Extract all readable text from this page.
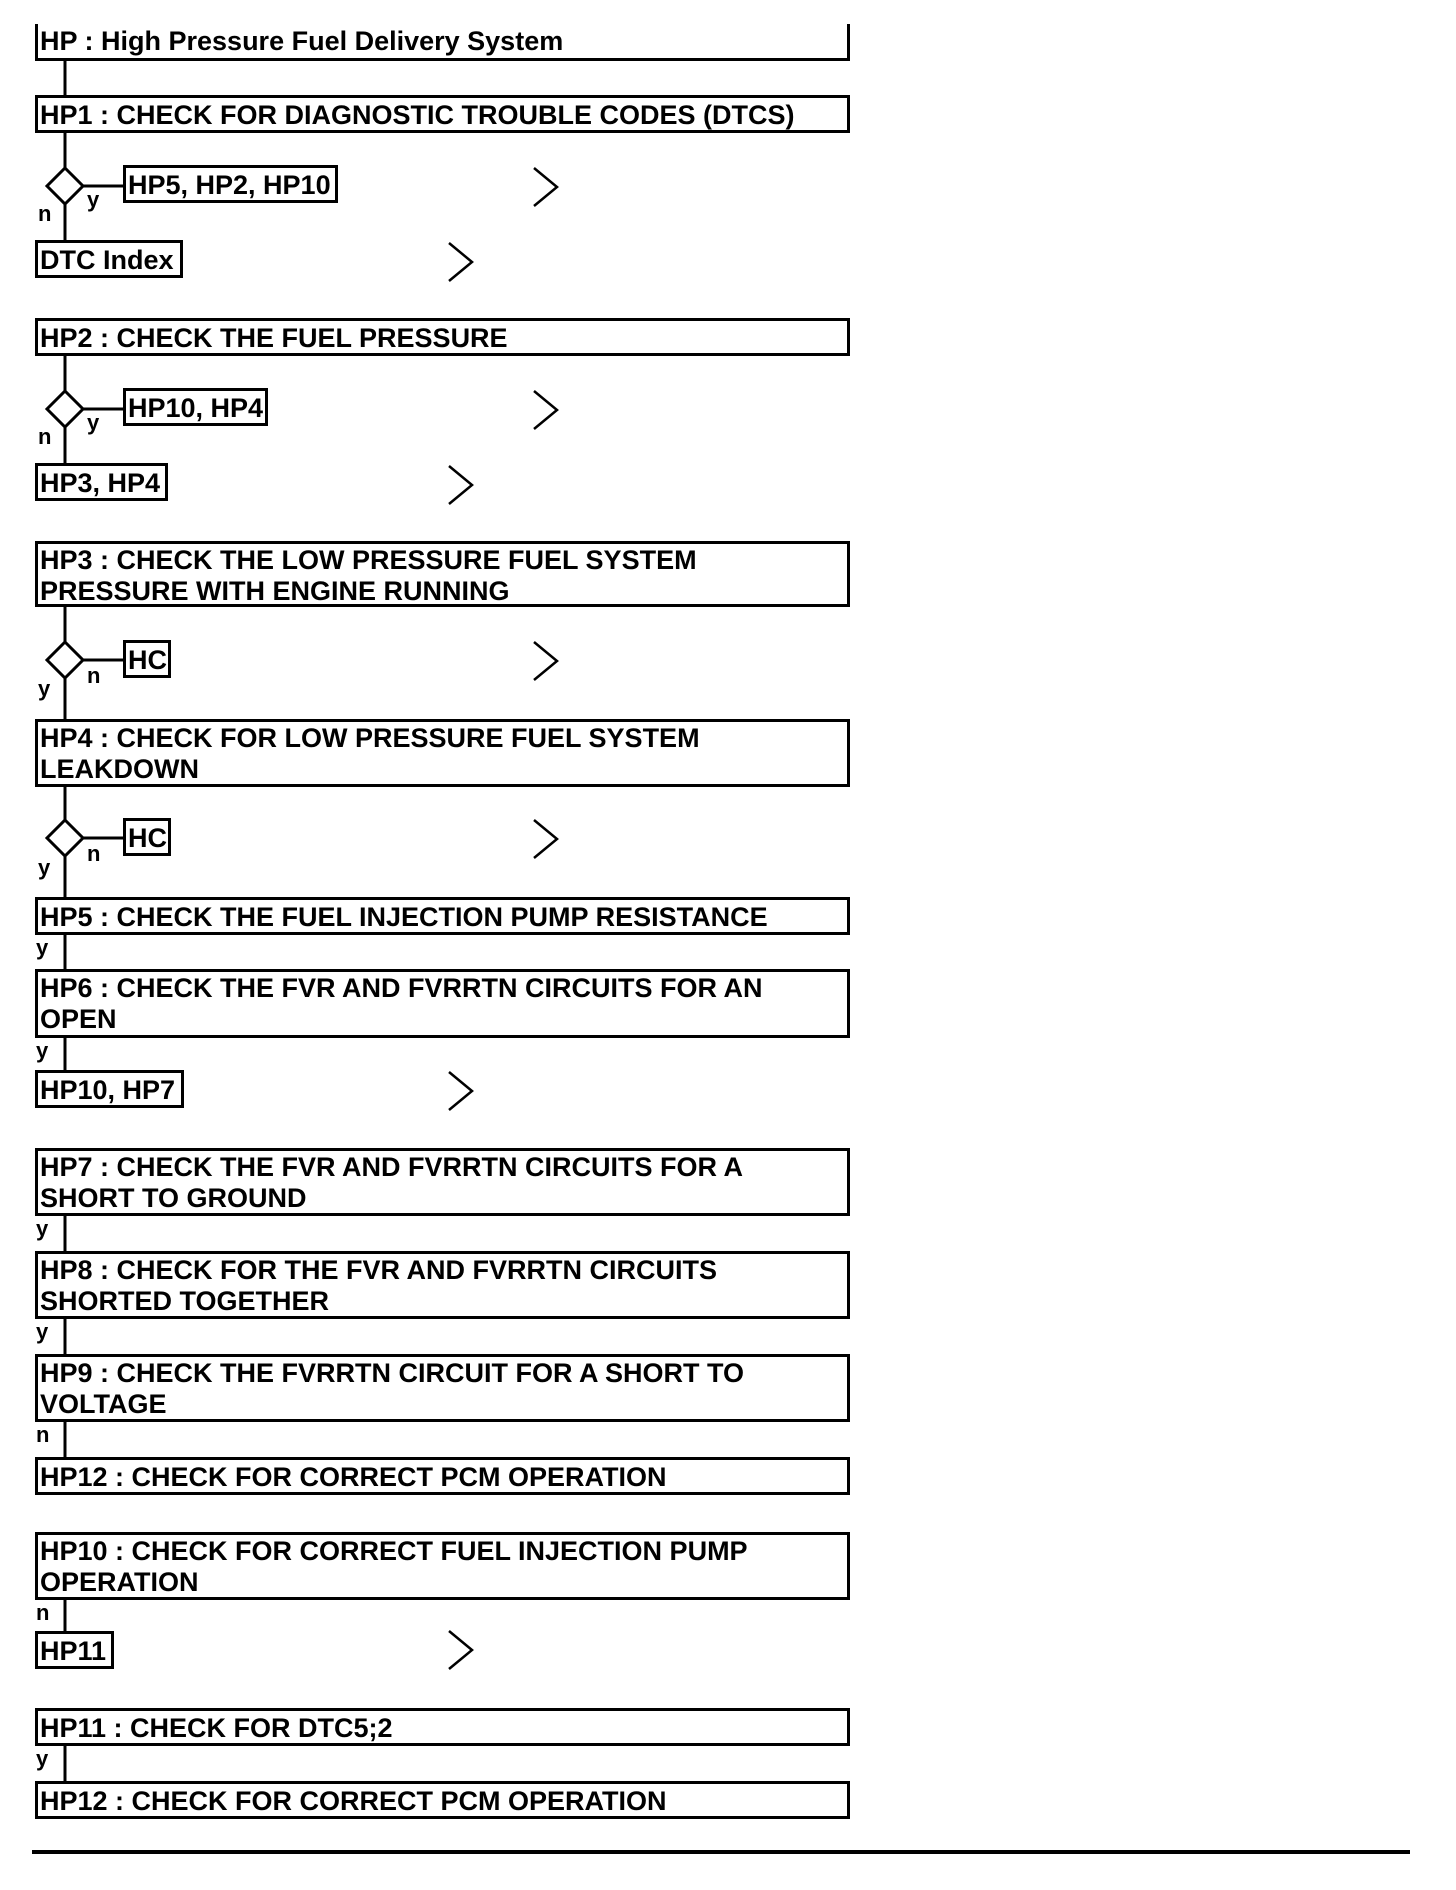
HP : High Pressure Fuel Delivery System
HP1 : CHECK FOR DIAGNOSTIC TROUBLE CODES (DTCS)
y
n
HP5, HP2, HP10
DTC Index
HP2 : CHECK THE FUEL PRESSURE
y
n
HP10, HP4
HP3, HP4
HP3 : CHECK THE LOW PRESSURE FUEL SYSTEM
PRESSURE WITH ENGINE RUNNING
n
y
HC
HP4 : CHECK FOR LOW PRESSURE FUEL SYSTEM
LEAKDOWN
n
y
HC
HP5 : CHECK THE FUEL INJECTION PUMP RESISTANCE
y
HP6 : CHECK THE FVR AND FVRRTN CIRCUITS FOR AN
OPEN
y
HP10, HP7
HP7 : CHECK THE FVR AND FVRRTN CIRCUITS FOR A
SHORT TO GROUND
y
HP8 : CHECK FOR THE FVR AND FVRRTN CIRCUITS
SHORTED TOGETHER
y
HP9 : CHECK THE FVRRTN CIRCUIT FOR A SHORT TO
VOLTAGE
n
HP12 : CHECK FOR CORRECT PCM OPERATION
HP10 : CHECK FOR CORRECT FUEL INJECTION PUMP
OPERATION
n
HP11
HP11 : CHECK FOR DTC5;2
y
HP12 : CHECK FOR CORRECT PCM OPERATION
